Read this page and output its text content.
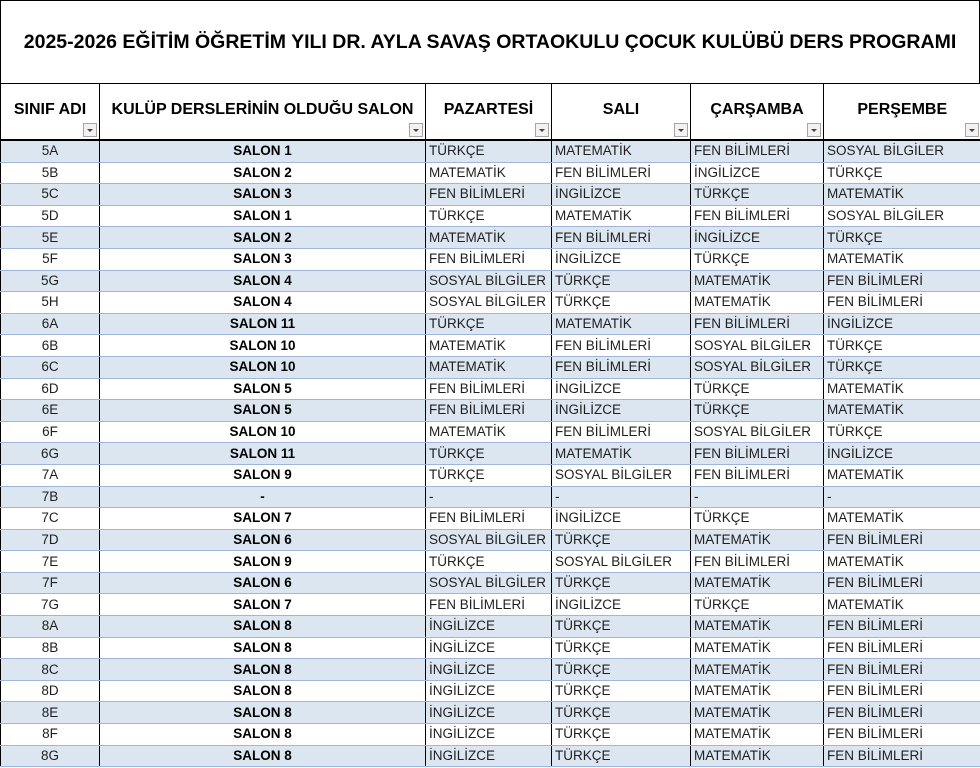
2025-2026 EĞİTİM ÖĞRETİM YILI DR. AYLA SAVAŞ ORTAOKULU ÇOCUK KULÜBÜ DERS PROGRAMI
SINIF ADI	KULÜP DERSLERİNİN OLDUĞU SALON	PAZARTESİ	SALI	ÇARŞAMBA	PERŞEMBE

5A	SALON 1	TÜRKÇE	MATEMATİK	FEN BİLİMLERİ	SOSYAL BİLGİLER
5B	SALON 2	MATEMATİK	FEN BİLİMLERİ	İNGİLİZCE	TÜRKÇE
5C	SALON 3	FEN BİLİMLERİ	İNGİLİZCE	TÜRKÇE	MATEMATİK
5D	SALON 1	TÜRKÇE	MATEMATİK	FEN BİLİMLERİ	SOSYAL BİLGİLER
5E	SALON 2	MATEMATİK	FEN BİLİMLERİ	İNGİLİZCE	TÜRKÇE
5F	SALON 3	FEN BİLİMLERİ	İNGİLİZCE	TÜRKÇE	MATEMATİK
5G	SALON 4	SOSYAL BİLGİLER	TÜRKÇE	MATEMATİK	FEN BİLİMLERİ
5H	SALON 4	SOSYAL BİLGİLER	TÜRKÇE	MATEMATİK	FEN BİLİMLERİ
6A	SALON 11	TÜRKÇE	MATEMATİK	FEN BİLİMLERİ	İNGİLİZCE
6B	SALON 10	MATEMATİK	FEN BİLİMLERİ	SOSYAL BİLGİLER	TÜRKÇE
6C	SALON 10	MATEMATİK	FEN BİLİMLERİ	SOSYAL BİLGİLER	TÜRKÇE
6D	SALON 5	FEN BİLİMLERİ	İNGİLİZCE	TÜRKÇE	MATEMATİK
6E	SALON 5	FEN BİLİMLERİ	İNGİLİZCE	TÜRKÇE	MATEMATİK
6F	SALON 10	MATEMATİK	FEN BİLİMLERİ	SOSYAL BİLGİLER	TÜRKÇE
6G	SALON 11	TÜRKÇE	MATEMATİK	FEN BİLİMLERİ	İNGİLİZCE
7A	SALON 9	TÜRKÇE	SOSYAL BİLGİLER	FEN BİLİMLERİ	MATEMATİK
7B	-	-	-	-	-
7C	SALON 7	FEN BİLİMLERİ	İNGİLİZCE	TÜRKÇE	MATEMATİK
7D	SALON 6	SOSYAL BİLGİLER	TÜRKÇE	MATEMATİK	FEN BİLİMLERİ
7E	SALON 9	TÜRKÇE	SOSYAL BİLGİLER	FEN BİLİMLERİ	MATEMATİK
7F	SALON 6	SOSYAL BİLGİLER	TÜRKÇE	MATEMATİK	FEN BİLİMLERİ
7G	SALON 7	FEN BİLİMLERİ	İNGİLİZCE	TÜRKÇE	MATEMATİK
8A	SALON 8	İNGİLİZCE	TÜRKÇE	MATEMATİK	FEN BİLİMLERİ
8B	SALON 8	İNGİLİZCE	TÜRKÇE	MATEMATİK	FEN BİLİMLERİ
8C	SALON 8	İNGİLİZCE	TÜRKÇE	MATEMATİK	FEN BİLİMLERİ
8D	SALON 8	İNGİLİZCE	TÜRKÇE	MATEMATİK	FEN BİLİMLERİ
8E	SALON 8	İNGİLİZCE	TÜRKÇE	MATEMATİK	FEN BİLİMLERİ
8F	SALON 8	İNGİLİZCE	TÜRKÇE	MATEMATİK	FEN BİLİMLERİ
8G	SALON 8	İNGİLİZCE	TÜRKÇE	MATEMATİK	FEN BİLİMLERİ
